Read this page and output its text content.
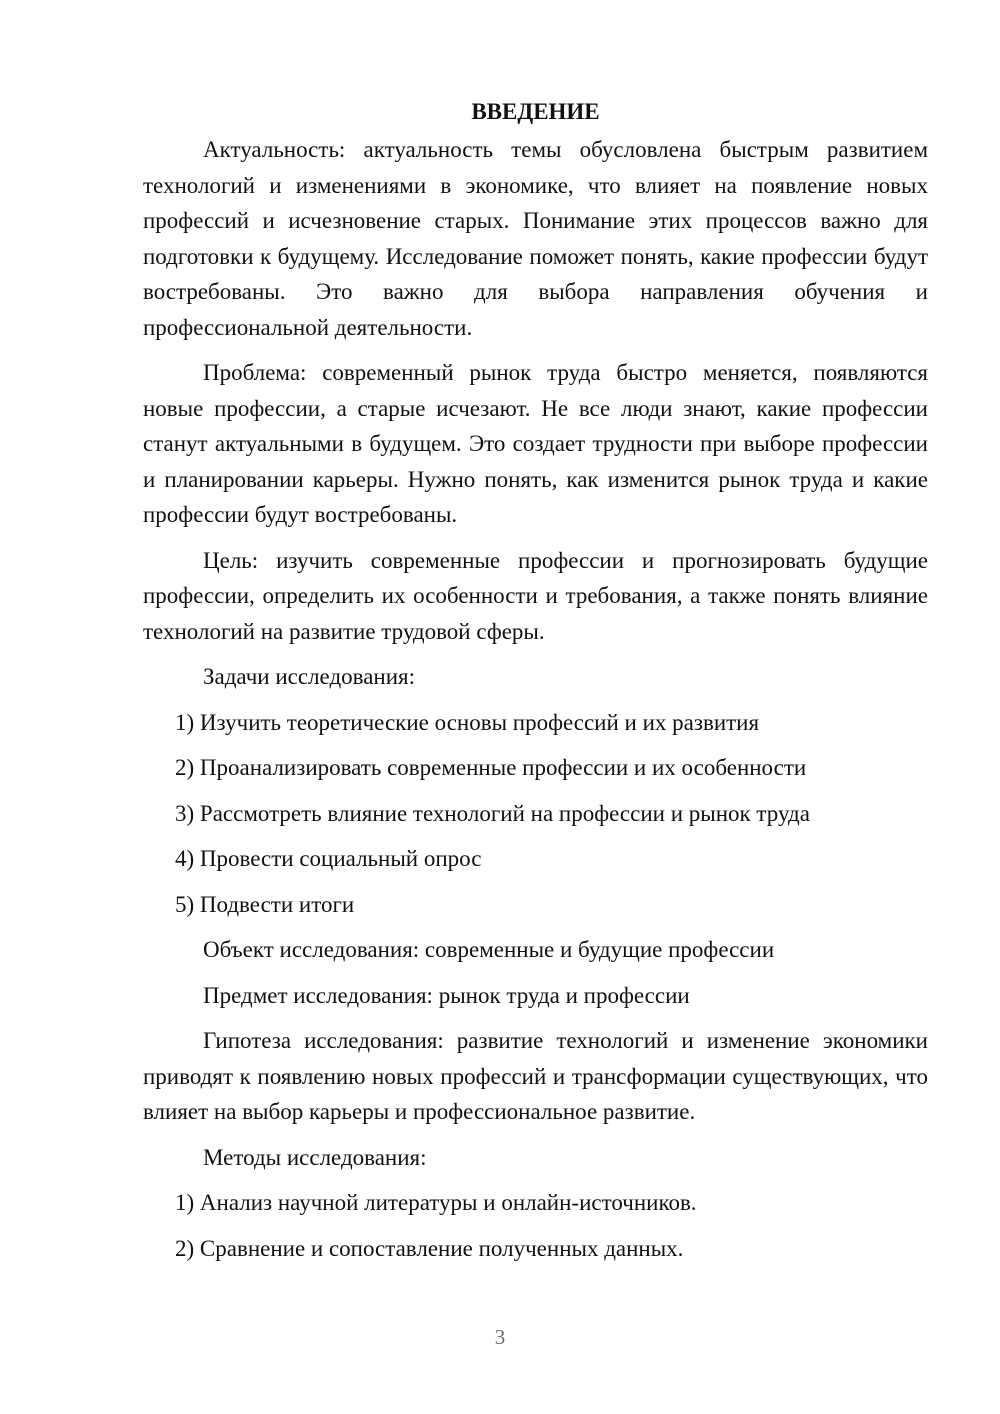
ВВЕДЕНИЕ

Актуальность: актуальность темы обусловлена быстрым развитием технологий и изменениями в экономике, что влияет на появление новых профессий и исчезновение старых. Понимание этих процессов важно для подготовки к будущему. Исследование поможет понять, какие профессии будут востребованы. Это важно для выбора направления обучения и профессиональной деятельности.

Проблема: современный рынок труда быстро меняется, появляются новые профессии, а старые исчезают. Не все люди знают, какие профессии станут актуальными в будущем. Это создает трудности при выборе профессии и планировании карьеры. Нужно понять, как изменится рынок труда и какие профессии будут востребованы.

Цель: изучить современные профессии и прогнозировать будущие профессии, определить их особенности и требования, а также понять влияние технологий на развитие трудовой сферы.

Задачи исследования:
1) Изучить теоретические основы профессий и их развития
2) Проанализировать современные профессии и их особенности
3) Рассмотреть влияние технологий на профессии и рынок труда
4) Провести социальный опрос
5) Подвести итоги
Объект исследования: современные и будущие профессии
Предмет исследования: рынок труда и профессии

Гипотеза исследования: развитие технологий и изменение экономики приводят к появлению новых профессий и трансформации существующих, что влияет на выбор карьеры и профессиональное развитие.

Методы исследования:
1) Анализ научной литературы и онлайн-источников.
2) Сравнение и сопоставление полученных данных.
3
